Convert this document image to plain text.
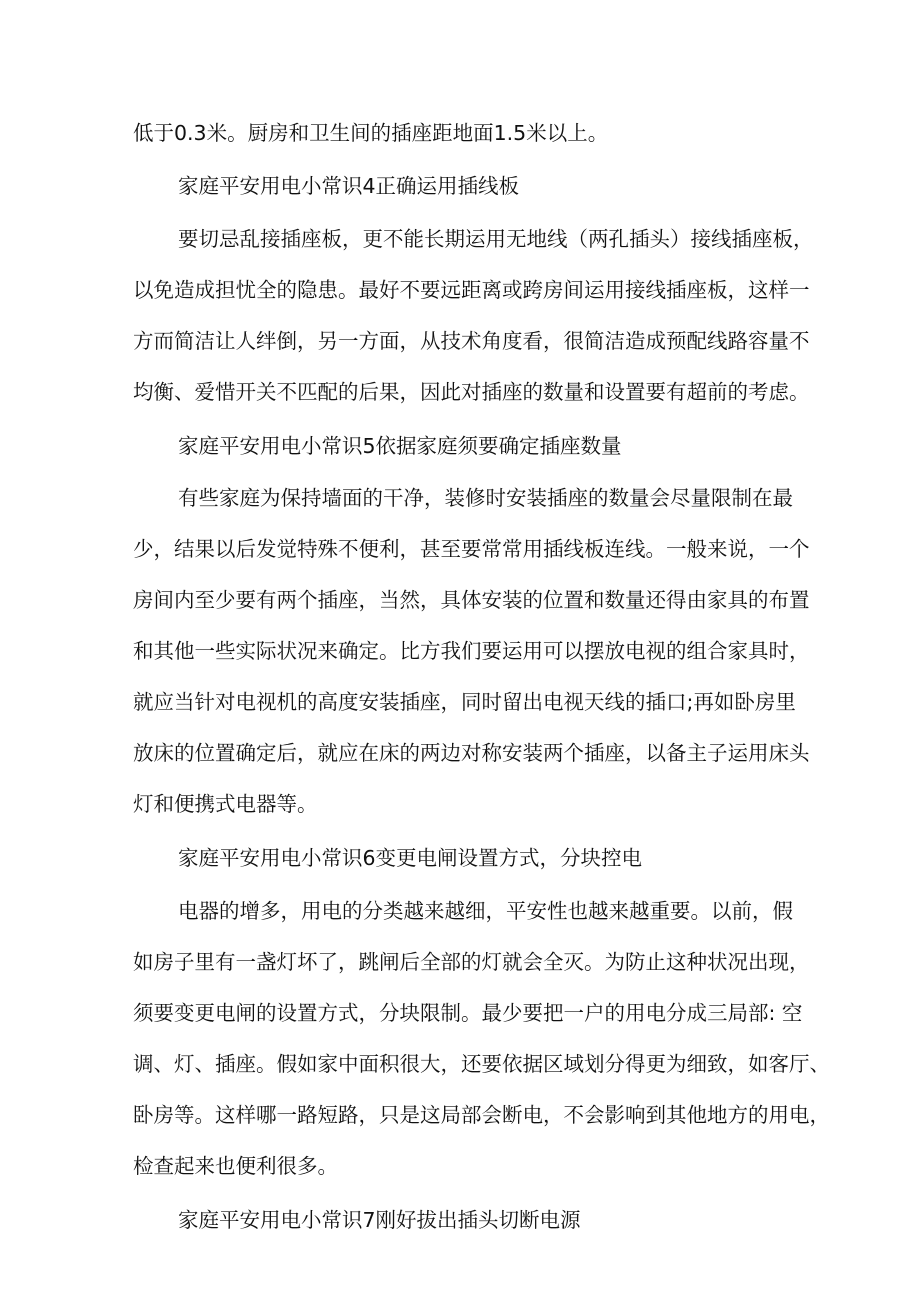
低于0.3米。厨房和卫生间的插座距地面1.5米以上。
家庭平安用电小常识4正确运用插线板
要切忌乱接插座板，更不能长期运用无地线（两孔插头）接线插座板，
以免造成担忧全的隐患。最好不要远距离或跨房间运用接线插座板，这样一
方而简洁让人绊倒，另一方面，从技术角度看，很简洁造成预配线路容量不
均衡、爱惜开关不匹配的后果，因此对插座的数量和设置要有超前的考虑。
家庭平安用电小常识5依据家庭须要确定插座数量
有些家庭为保持墙面的干净，装修时安装插座的数量会尽量限制在最
少，结果以后发觉特殊不便利，甚至要常常用插线板连线。一般来说，一个
房间内至少要有两个插座，当然，具体安装的位置和数量还得由家具的布置
和其他一些实际状况来确定。比方我们要运用可以摆放电视的组合家具时，
就应当针对电视机的高度安装插座，同时留出电视天线的插口;再如卧房里
放床的位置确定后，就应在床的两边对称安装两个插座，以备主子运用床头
灯和便携式电器等。
家庭平安用电小常识6变更电闸设置方式，分块控电
电器的增多，用电的分类越来越细，平安性也越来越重要。以前，假
如房子里有一盏灯坏了，跳闸后全部的灯就会全灭。为防止这种状况出现，
须要变更电闸的设置方式，分块限制。最少要把一户的用电分成三局部: 空
调、灯、插座。假如家中面积很大，还要依据区域划分得更为细致，如客厅、
卧房等。这样哪一路短路，只是这局部会断电，不会影响到其他地方的用电，
检查起来也便利很多。
家庭平安用电小常识7刚好拔出插头切断电源
